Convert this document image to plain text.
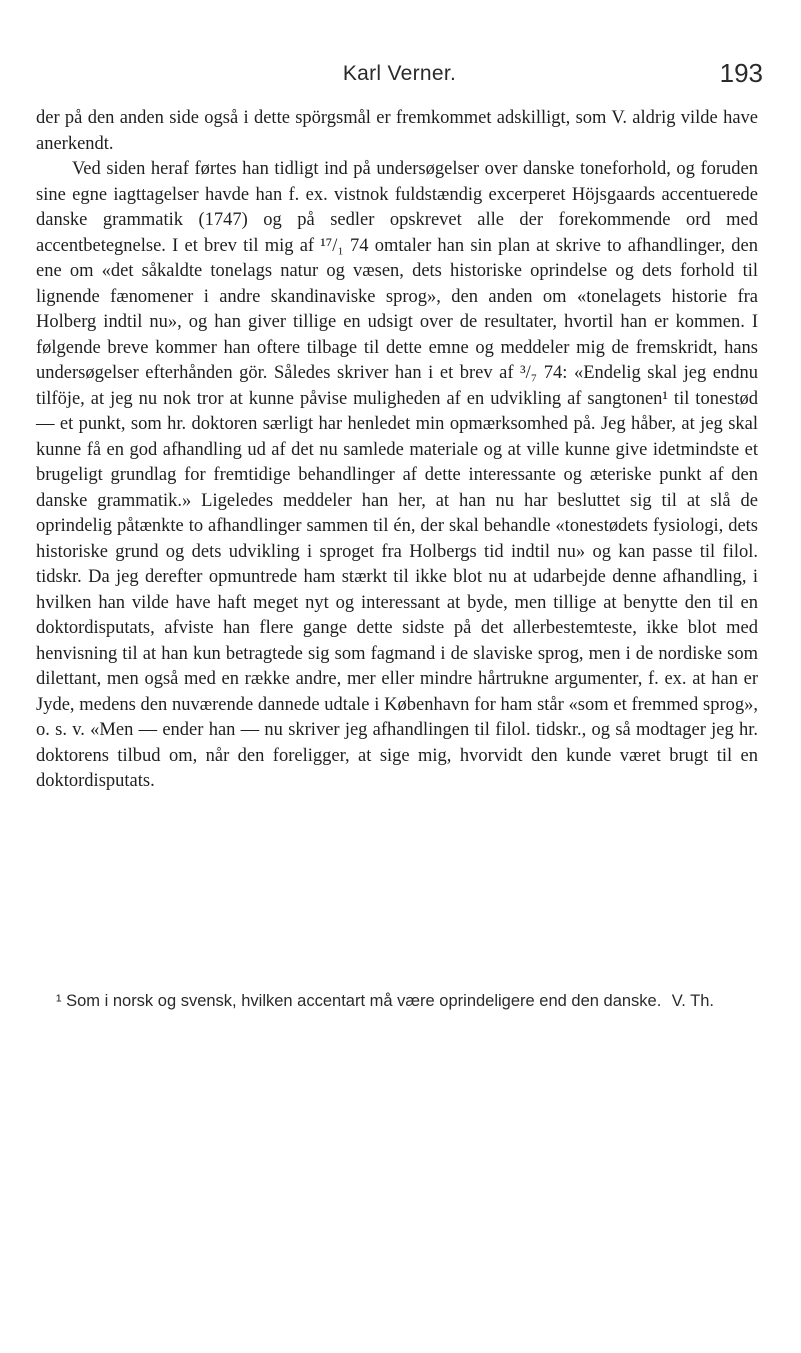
Karl Verner.	193

der på den anden side også i dette spörgsmål er fremkommet adskilligt, som V. aldrig vilde have anerkendt.

Ved siden heraf førtes han tidligt ind på undersøgelser over danske toneforhold, og foruden sine egne iagttagelser havde han f. ex. vistnok fuldstændig excerperet Höjsgaards accentuerede danske grammatik (1747) og på sedler opskrevet alle der forekommende ord med accentbetegnelse. I et brev til mig af ¹⁷/₁ 74 omtaler han sin plan at skrive to afhandlinger, den ene om «det såkaldte tonelags natur og væsen, dets historiske oprindelse og dets forhold til lignende fænomener i andre skandinaviske sprog», den anden om «tonelagets historie fra Holberg indtil nu», og han giver tillige en udsigt over de resultater, hvortil han er kommen. I følgende breve kommer han oftere tilbage til dette emne og meddeler mig de fremskridt, hans undersøgelser efterhånden gör. Således skriver han i et brev af ³/₇ 74: «Endelig skal jeg endnu tilföje, at jeg nu nok tror at kunne påvise muligheden af en udvikling af sangtonen¹ til tonestød — et punkt, som hr. doktoren særligt har henledet min opmærksomhed på. Jeg håber, at jeg skal kunne få en god afhandling ud af det nu samlede materiale og at ville kunne give idetmindste et brugeligt grundlag for fremtidige behandlinger af dette interessante og æteriske punkt af den danske grammatik.» Ligeledes meddeler han her, at han nu har besluttet sig til at slå de oprindelig påtænkte to afhandlinger sammen til én, der skal behandle «tonestødets fysiologi, dets historiske grund og dets udvikling i sproget fra Holbergs tid indtil nu» og kan passe til filol. tidskr. Da jeg derefter opmuntrede ham stærkt til ikke blot nu at udarbejde denne afhandling, i hvilken han vilde have haft meget nyt og interessant at byde, men tillige at benytte den til en doktordisputats, afviste han flere gange dette sidste på det allerbestemteste, ikke blot med henvisning til at han kun betragtede sig som fagmand i de slaviske sprog, men i de nordiske som dilettant, men også med en række andre, mer eller mindre hårtrukne argumenter, f. ex. at han er Jyde, medens den nuværende dannede udtale i København for ham står «som et fremmed sprog», o. s. v. «Men — ender han — nu skriver jeg afhandlingen til filol. tidskr., og så modtager jeg hr. doktorens tilbud om, når den foreligger, at sige mig, hvorvidt den kunde været brugt til en doktordisputats.

¹ Som i norsk og svensk, hvilken accentart må være oprindeligere end den danske. V. Th.
